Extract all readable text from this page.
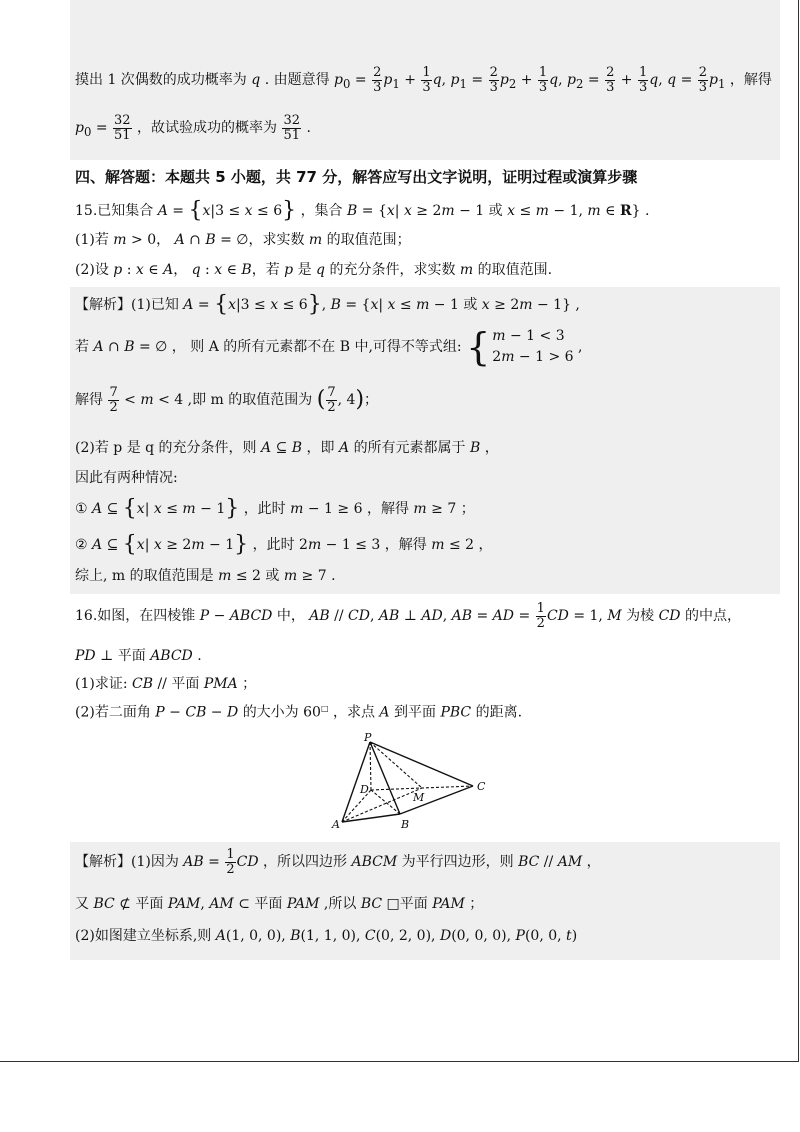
摸出 1 次偶数的成功概率为 q . 由题意得 $p_0 = \frac{2}{3} p_1 + \frac{1}{3} q$, $p_1 = \frac{2}{3} p_2 + \frac{1}{3} q$, $p_2 = \frac{2}{3} + \frac{1}{3} q$, $q = \frac{2}{3} p_1$ ，解得
$p_0 = \frac{32}{51}$ ，故试验成功的概率为 $\frac{32}{51}$ .
四、解答题：本题共 5 小题，共 77 分，解答应写出文字说明，证明过程或演算步骤
15.已知集合 A = {x|3 ≤ x ≤ 6} ，集合 B = {x| x ≥ 2m − 1 或 x ≤ m − 1, m ∈ R} .
(1)若 m > 0， A ∩ B = ∅，求实数 m 的取值范围；
(2)设 p : x ∈ A， q : x ∈ B，若 p 是 q 的充分条件，求实数 m 的取值范围.
【解析】(1)已知 A = {x|3 ≤ x ≤ 6}, B = {x| x ≤ m − 1 或 x ≥ 2m − 1} ,
若 A ∩ B = ∅ ， 则 A 的所有元素都不在 B 中,可得不等式组: { m − 1 < 3
2m − 1 > 6
,
解得 $\frac{7}{2} < m < 4$ ,即 m 的取值范围为 ( $\frac{7}{2}$ , 4)；
(2)若 p 是 q 的充分条件，则 A ⊆ B ，即 A 的所有元素都属于 B ，
因此有两种情况:
① A ⊆ {x| x ≤ m − 1} ，此时 m − 1 ≥ 6 ，解得 m ≥ 7 ；
② A ⊆ {x| x ≥ 2m − 1} ，此时 2m − 1 ≤ 3 ，解得 m ≤ 2 ，
综上, m 的取值范围是 m ≤ 2 或 m ≥ 7 .
16.如图，在四棱锥 P − ABCD 中， AB // CD, AB ⊥ AD, AB = AD = $\frac{1}{2}$ CD = 1, M 为棱 CD 的中点，
PD ⊥ 平面 ABCD .
(1)求证: CB // 平面 PMA ；
(2)若二面角 P − CB − D 的大小为 60□ ，求点 A 到平面 PBC 的距离.
P
D
M
C
A	B
【解析】(1)因为 AB = $\frac{1}{2}$ CD ，所以四边形 ABCM 为平行四边形，则 BC // AM ，
又 BC ⊄ 平面 PAM, AM ⊂ 平面 PAM ,所以 BC □平面 PAM ；
(2)如图建立坐标系,则 A(1, 0, 0), B(1, 1, 0), C(0, 2, 0), D(0, 0, 0), P(0, 0, t)
